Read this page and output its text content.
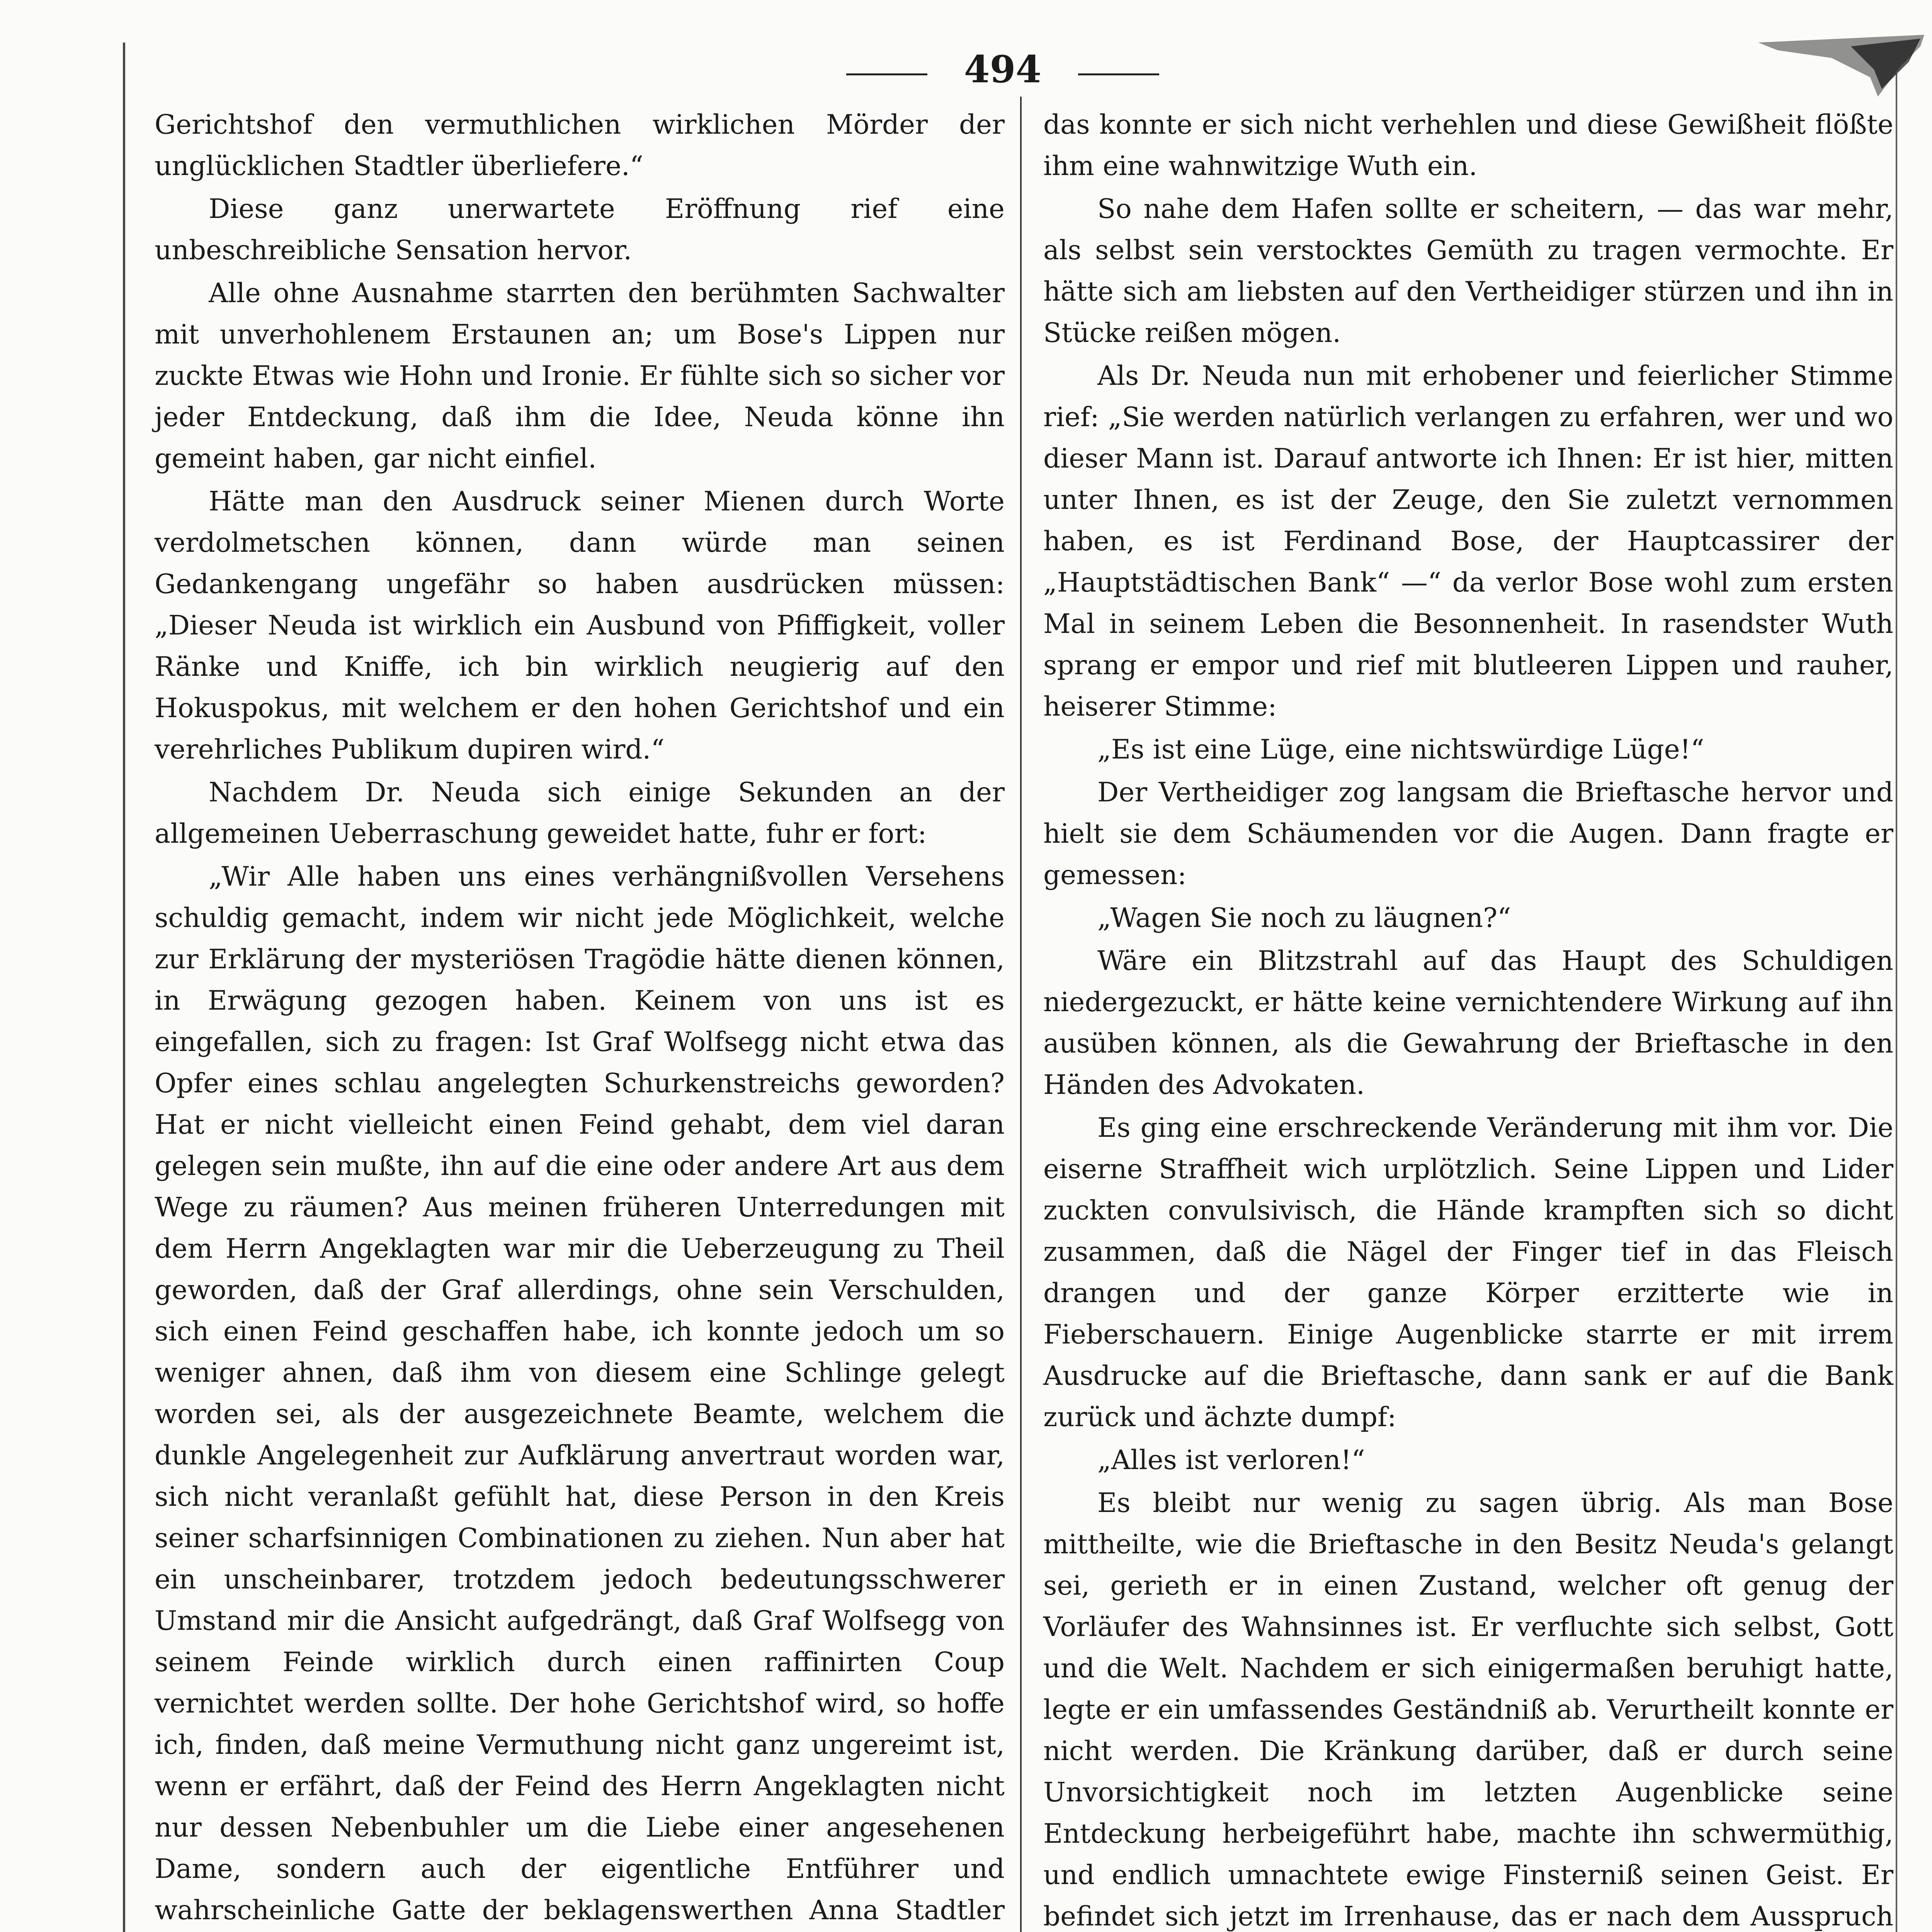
494

Gerichtshof den vermuthlichen wirklichen Mörder der unglücklichen Stadtler überliefere.“

Diese ganz unerwartete Eröffnung rief eine unbeschreibliche Sensation hervor.

Alle ohne Ausnahme starrten den berühmten Sachwalter mit unverhohlenem Erstaunen an; um Bose's Lippen nur zuckte Etwas wie Hohn und Ironie. Er fühlte sich so sicher vor jeder Entdeckung, daß ihm die Idee, Neuda könne ihn gemeint haben, gar nicht einfiel.

Hätte man den Ausdruck seiner Mienen durch Worte verdolmetschen können, dann würde man seinen Gedankengang ungefähr so haben ausdrücken müssen: „Dieser Neuda ist wirklich ein Ausbund von Pfiffigkeit, voller Ränke und Kniffe, ich bin wirklich neugierig auf den Hokuspokus, mit welchem er den hohen Gerichtshof und ein verehrliches Publikum dupiren wird.“

Nachdem Dr. Neuda sich einige Sekunden an der allgemeinen Ueberraschung geweidet hatte, fuhr er fort:

„Wir Alle haben uns eines verhängnißvollen Versehens schuldig gemacht, indem wir nicht jede Möglichkeit, welche zur Erklärung der mysteriösen Tragödie hätte dienen können, in Erwägung gezogen haben. Keinem von uns ist es eingefallen, sich zu fragen: Ist Graf Wolfsegg nicht etwa das Opfer eines schlau angelegten Schurkenstreichs geworden? Hat er nicht vielleicht einen Feind gehabt, dem viel daran gelegen sein mußte, ihn auf die eine oder andere Art aus dem Wege zu räumen? Aus meinen früheren Unterredungen mit dem Herrn Angeklagten war mir die Ueberzeugung zu Theil geworden, daß der Graf allerdings, ohne sein Verschulden, sich einen Feind geschaffen habe, ich konnte jedoch um so weniger ahnen, daß ihm von diesem eine Schlinge gelegt worden sei, als der ausgezeichnete Beamte, welchem die dunkle Angelegenheit zur Aufklärung anvertraut worden war, sich nicht veranlaßt gefühlt hat, diese Person in den Kreis seiner scharfsinnigen Combinationen zu ziehen. Nun aber hat ein unscheinbarer, trotzdem jedoch bedeutungsschwerer Umstand mir die Ansicht aufgedrängt, daß Graf Wolfsegg von seinem Feinde wirklich durch einen raffinirten Coup vernichtet werden sollte. Der hohe Gerichtshof wird, so hoffe ich, finden, daß meine Vermuthung nicht ganz ungereimt ist, wenn er erfährt, daß der Feind des Herrn Angeklagten nicht nur dessen Nebenbuhler um die Liebe einer angesehenen Dame, sondern auch der eigentliche Entführer und wahrscheinliche Gatte der beklagenswerthen Anna Stadtler

das konnte er sich nicht verhehlen und diese Gewißheit flößte ihm eine wahnwitzige Wuth ein.

So nahe dem Hafen sollte er scheitern, — das war mehr, als selbst sein verstocktes Gemüth zu tragen vermochte. Er hätte sich am liebsten auf den Vertheidiger stürzen und ihn in Stücke reißen mögen.

Als Dr. Neuda nun mit erhobener und feierlicher Stimme rief: „Sie werden natürlich verlangen zu erfahren, wer und wo dieser Mann ist. Darauf antworte ich Ihnen: Er ist hier, mitten unter Ihnen, es ist der Zeuge, den Sie zuletzt vernommen haben, es ist Ferdinand Bose, der Hauptcassirer der „Hauptstädtischen Bank“ —“ da verlor Bose wohl zum ersten Mal in seinem Leben die Besonnenheit. In rasendster Wuth sprang er empor und rief mit blutleeren Lippen und rauher, heiserer Stimme:

„Es ist eine Lüge, eine nichtswürdige Lüge!“

Der Vertheidiger zog langsam die Brieftasche hervor und hielt sie dem Schäumenden vor die Augen. Dann fragte er gemessen:

„Wagen Sie noch zu läugnen?“

Wäre ein Blitzstrahl auf das Haupt des Schuldigen niedergezuckt, er hätte keine vernichtendere Wirkung auf ihn ausüben können, als die Gewahrung der Brieftasche in den Händen des Advokaten.

Es ging eine erschreckende Veränderung mit ihm vor. Die eiserne Straffheit wich urplötzlich. Seine Lippen und Lider zuckten convulsivisch, die Hände krampften sich so dicht zusammen, daß die Nägel der Finger tief in das Fleisch drangen und der ganze Körper erzitterte wie in Fieberschauern. Einige Augenblicke starrte er mit irrem Ausdrucke auf die Brieftasche, dann sank er auf die Bank zurück und ächzte dumpf:

„Alles ist verloren!“

Es bleibt nur wenig zu sagen übrig. Als man Bose mittheilte, wie die Brieftasche in den Besitz Neuda's gelangt sei, gerieth er in einen Zustand, welcher oft genug der Vorläufer des Wahnsinnes ist. Er verfluchte sich selbst, Gott und die Welt. Nachdem er sich einigermaßen beruhigt hatte, legte er ein umfassendes Geständniß ab. Verurtheilt konnte er nicht werden. Die Kränkung darüber, daß er durch seine Unvorsichtigkeit noch im letzten Augenblicke seine Entdeckung herbeigeführt habe, machte ihn schwermüthig, und endlich umnachtete ewige Finsterniß seinen Geist. Er befindet sich jetzt im Irrenhause, das er nach dem Ausspruch
